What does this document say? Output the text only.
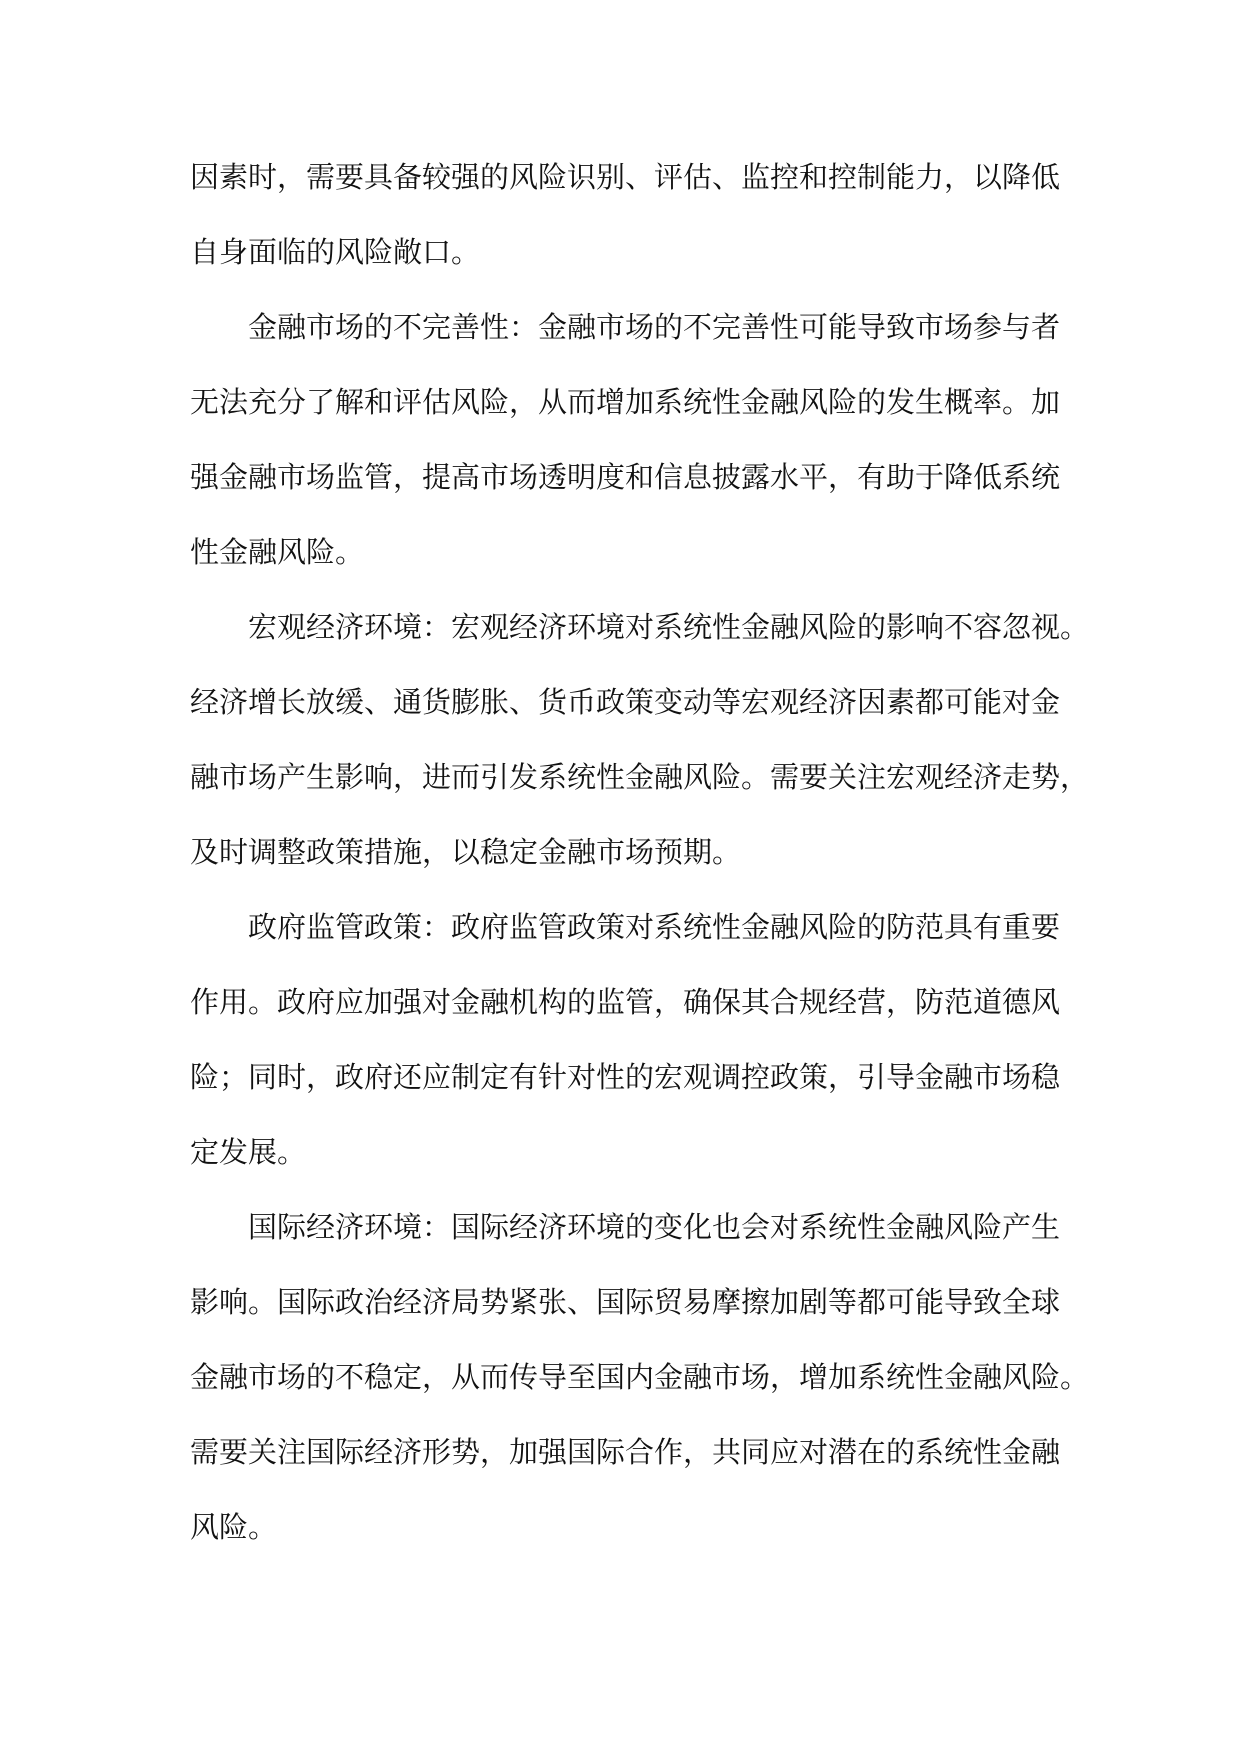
因素时，需要具备较强的风险识别、评估、监控和控制能力，以降低
自身面临的风险敞口。

金融市场的不完善性：金融市场的不完善性可能导致市场参与者
无法充分了解和评估风险，从而增加系统性金融风险的发生概率。加
强金融市场监管，提高市场透明度和信息披露水平，有助于降低系统
性金融风险。

宏观经济环境：宏观经济环境对系统性金融风险的影响不容忽视。
经济增长放缓、通货膨胀、货币政策变动等宏观经济因素都可能对金
融市场产生影响，进而引发系统性金融风险。需要关注宏观经济走势，
及时调整政策措施，以稳定金融市场预期。

政府监管政策：政府监管政策对系统性金融风险的防范具有重要
作用。政府应加强对金融机构的监管，确保其合规经营，防范道德风
险；同时，政府还应制定有针对性的宏观调控政策，引导金融市场稳
定发展。

国际经济环境：国际经济环境的变化也会对系统性金融风险产生
影响。国际政治经济局势紧张、国际贸易摩擦加剧等都可能导致全球
金融市场的不稳定，从而传导至国内金融市场，增加系统性金融风险。
需要关注国际经济形势，加强国际合作，共同应对潜在的系统性金融
风险。
